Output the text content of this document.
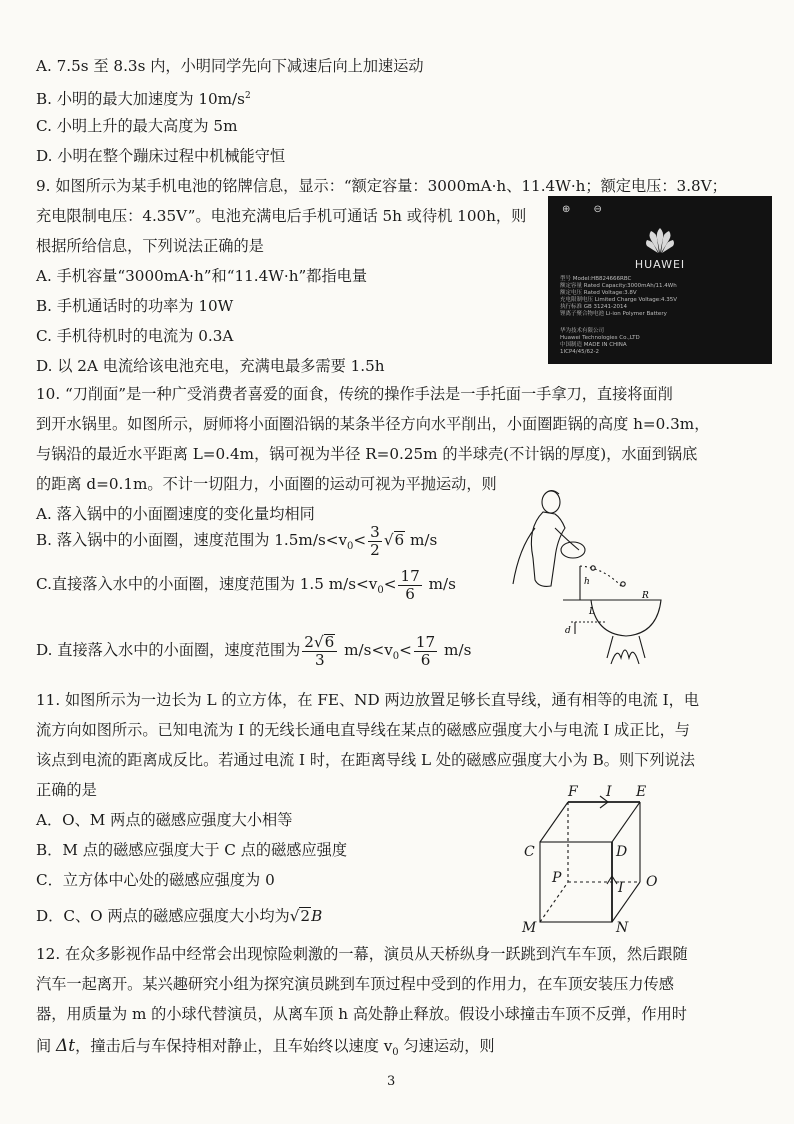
A. 7.5s 至 8.3s 内，小明同学先向下减速后向上加速运动
B. 小明的最大加速度为 $10m/s^2$
C. 小明上升的最大高度为 5m
D. 小明在整个蹦床过程中机械能守恒
9. 如图所示为某手机电池的铭牌信息，显示：“额定容量：3000mA·h、11.4W·h；额定电压：3.8V；
充电限制电压：4.35V”。电池充满电后手机可通话 5h 或待机 100h，则
根据所给信息，下列说法正确的是
A. 手机容量“3000mA·h”和“11.4W·h”都指电量
B. 手机通话时的功率为 10W
C. 手机待机时的电流为 0.3A
D. 以 2A 电流给该电池充电，充满电最多需要 1.5h
⊕ ⊖
HUAWEI
型号 Model:HB824666RBC
额定容量 Rated Capacity:3000mAh/11.4Wh
额定电压 Rated Voltage:3.8V
充电限制电压 Limited Charge Voltage:4.35V
执行标准 GB 31241-2014
锂离子聚合物电池 Li-ion Polymer Battery
华为技术有限公司
Huawei Technologies Co.,LTD
中国制造 MADE IN CHINA
1ICP4/45/62-2
10. “刀削面”是一种广受消费者喜爱的面食，传统的操作手法是一手托面一手拿刀，直接将面削
到开水锅里。如图所示，厨师将小面圈沿锅的某条半径方向水平削出，小面圈距锅的高度 h=0.3m，
与锅沿的最近水平距离 L=0.4m，锅可视为半径 R=0.25m 的半球壳(不计锅的厚度)，水面到锅底
的距离 d=0.1m。不计一切阻力，小面圈的运动可视为平抛运动，则
A. 落入锅中的小面圈速度的变化量均相同
B. 落入锅中的小面圈，速度范围为 $1.5m/s<v_0< \frac{3}{2} √6$ m/s
C.直接落入水中的小面圈，速度范围为 1.5 $m/s<v_0< \frac{17}{6} m/s$
D. 直接落入水中的小面圈，速度范围为 $\frac{2√6}{3} m/s<v_0< \frac{17}{6} m/s$
h
L
R
d
11. 如图所示为一边长为 L 的立方体，在 FE、ND 两边放置足够长直导线，通有相等的电流 I，电
流方向如图所示。已知电流为 I 的无线长通电直导线在某点的磁感应强度大小与电流 I 成正比，与
该点到电流的距离成反比。若通过电流 I 时，在距离导线 L 处的磁感应强度大小为 B。则下列说法
正确的是
A．O、M 两点的磁感应强度大小相等
B．M 点的磁感应强度大于 C 点的磁感应强度
C．立方体中心处的磁感应强度为 0
D．C、O 两点的磁感应强度大小均为√2B
F I E
C	D
P
I O
M	N
12. 在众多影视作品中经常会出现惊险刺激的一幕，演员从天桥纵身一跃跳到汽车车顶，然后跟随
汽车一起离开。某兴趣研究小组为探究演员跳到车顶过程中受到的作用力，在车顶安装压力传感
器，用质量为 m 的小球代替演员，从离车顶 h 高处静止释放。假设小球撞击车顶不反弹，作用时
间 Δt，撞击后与车保持相对静止，且车始终以速度 $v_0$ 匀速运动，则
3
